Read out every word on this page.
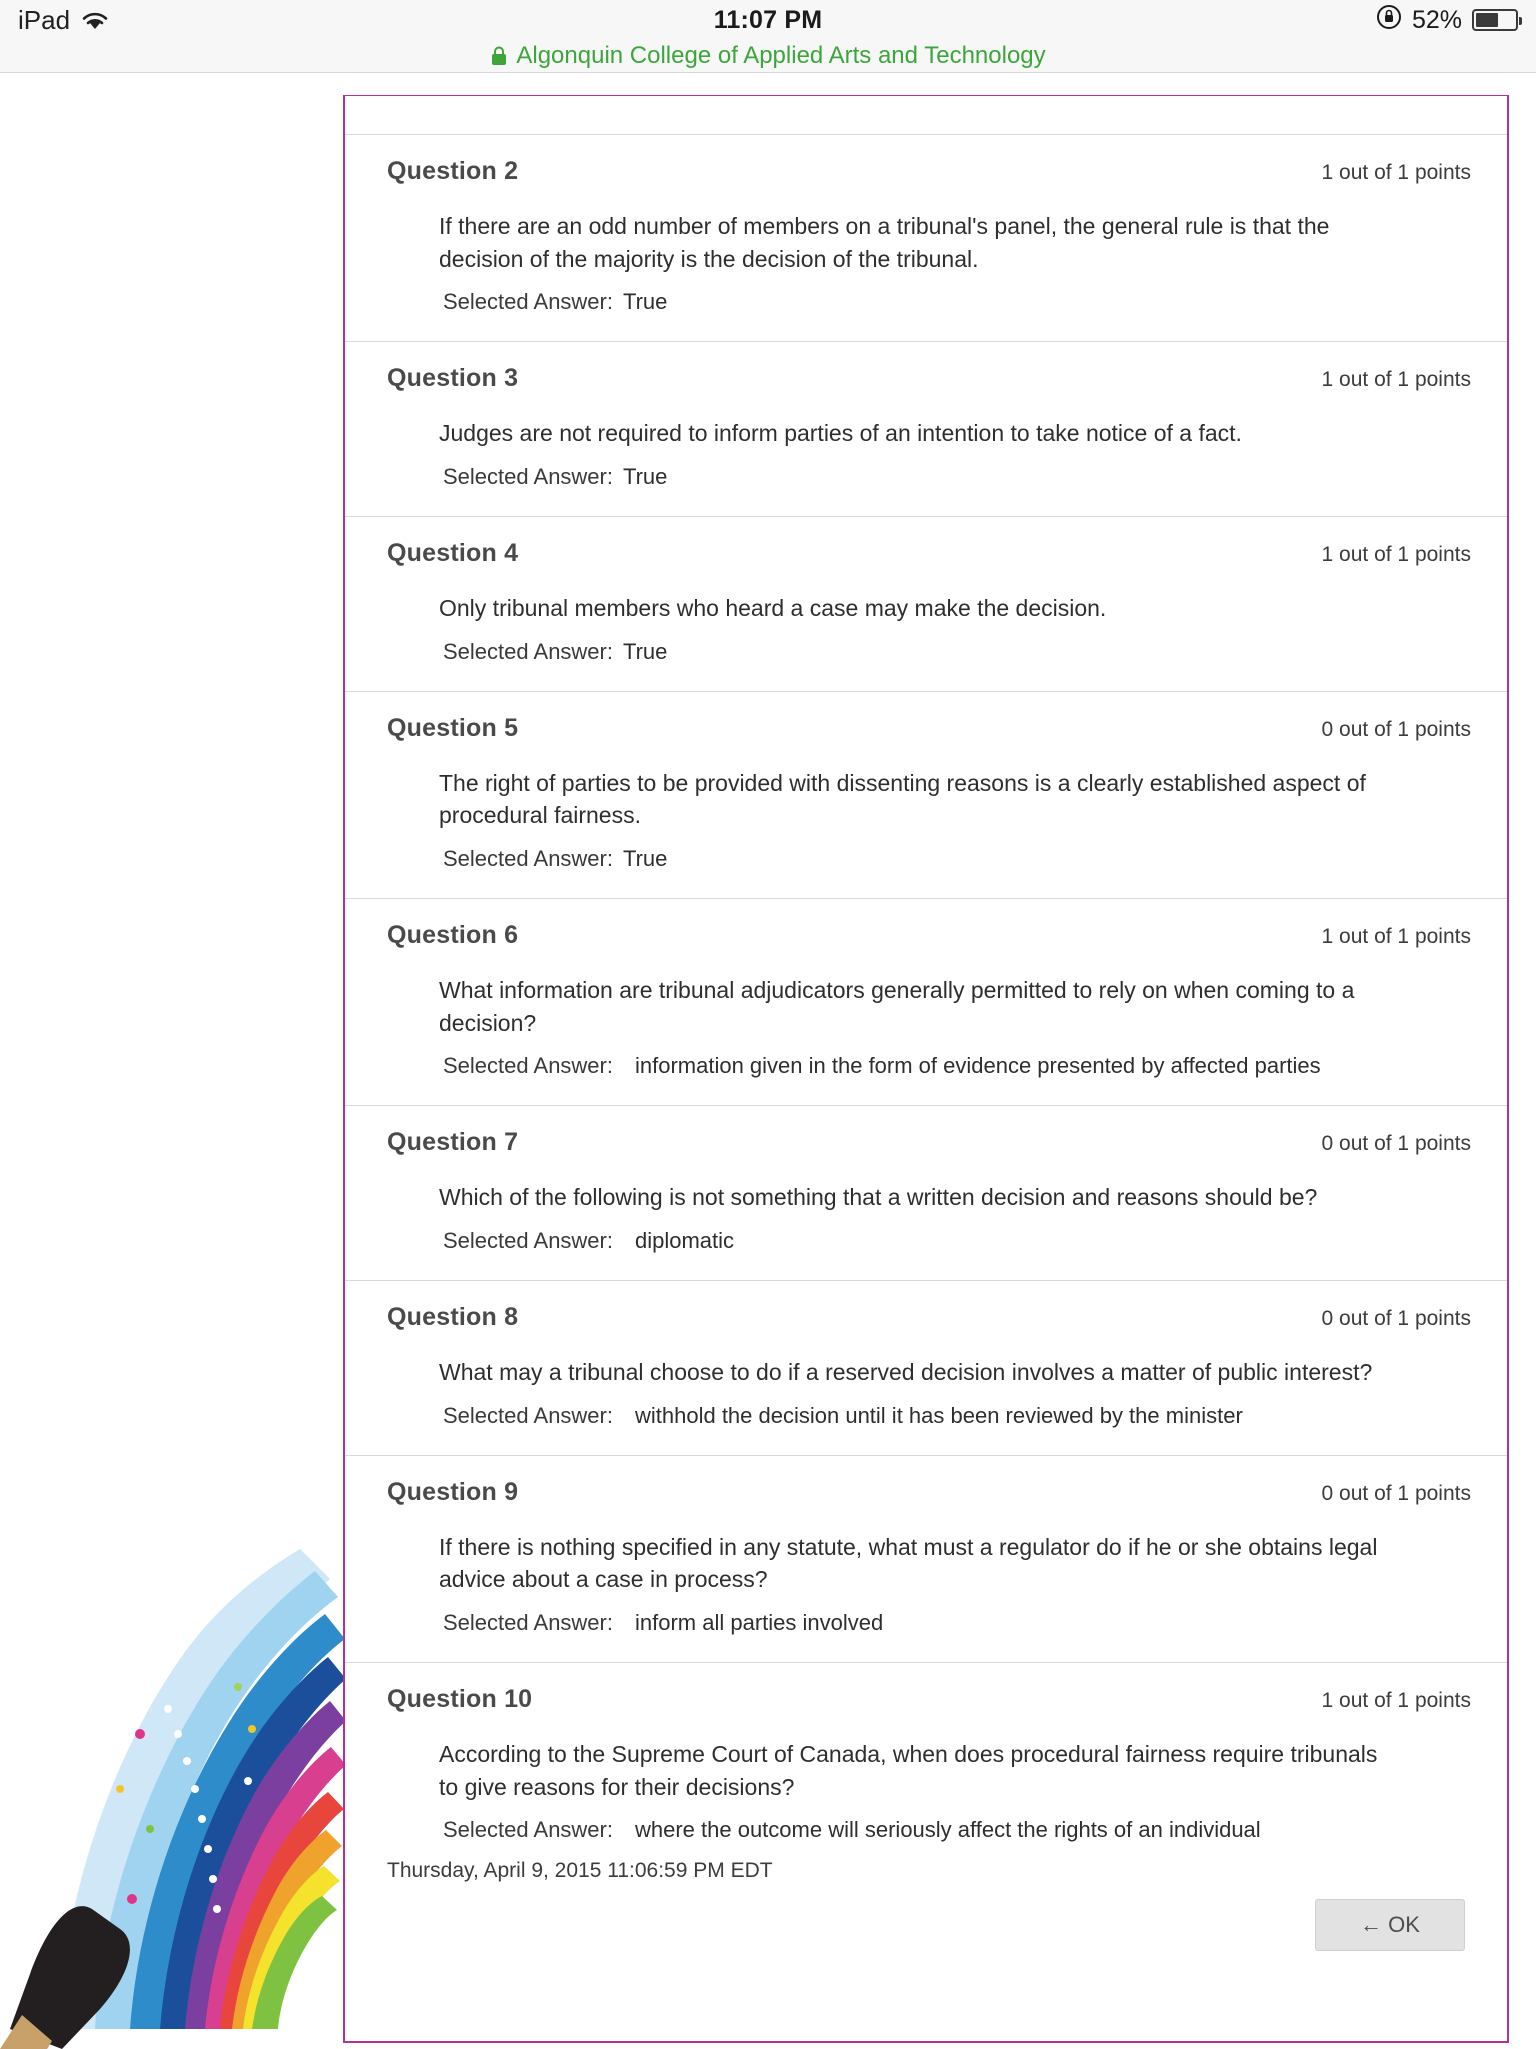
iPad	11:07 PM	52%
Algonquin College of Applied Arts and Technology
Question 2	1 out of 1 points
If there are an odd number of members on a tribunal's panel, the general rule is that the decision of the majority is the decision of the tribunal.
Selected Answer: True
Question 3	1 out of 1 points
Judges are not required to inform parties of an intention to take notice of a fact.
Selected Answer: True
Question 4	1 out of 1 points
Only tribunal members who heard a case may make the decision.
Selected Answer: True
Question 5	0 out of 1 points
The right of parties to be provided with dissenting reasons is a clearly established aspect of procedural fairness.
Selected Answer: True
Question 6	1 out of 1 points
What information are tribunal adjudicators generally permitted to rely on when coming to a decision?
Selected Answer: information given in the form of evidence presented by affected parties
Question 7	0 out of 1 points
Which of the following is not something that a written decision and reasons should be?
Selected Answer: diplomatic
Question 8	0 out of 1 points
What may a tribunal choose to do if a reserved decision involves a matter of public interest?
Selected Answer: withhold the decision until it has been reviewed by the minister
Question 9	0 out of 1 points
If there is nothing specified in any statute, what must a regulator do if he or she obtains legal advice about a case in process?
Selected Answer: inform all parties involved
Question 10	1 out of 1 points
According to the Supreme Court of Canada, when does procedural fairness require tribunals to give reasons for their decisions?
Selected Answer: where the outcome will seriously affect the rights of an individual
Thursday, April 9, 2015 11:06:59 PM EDT
← OK
